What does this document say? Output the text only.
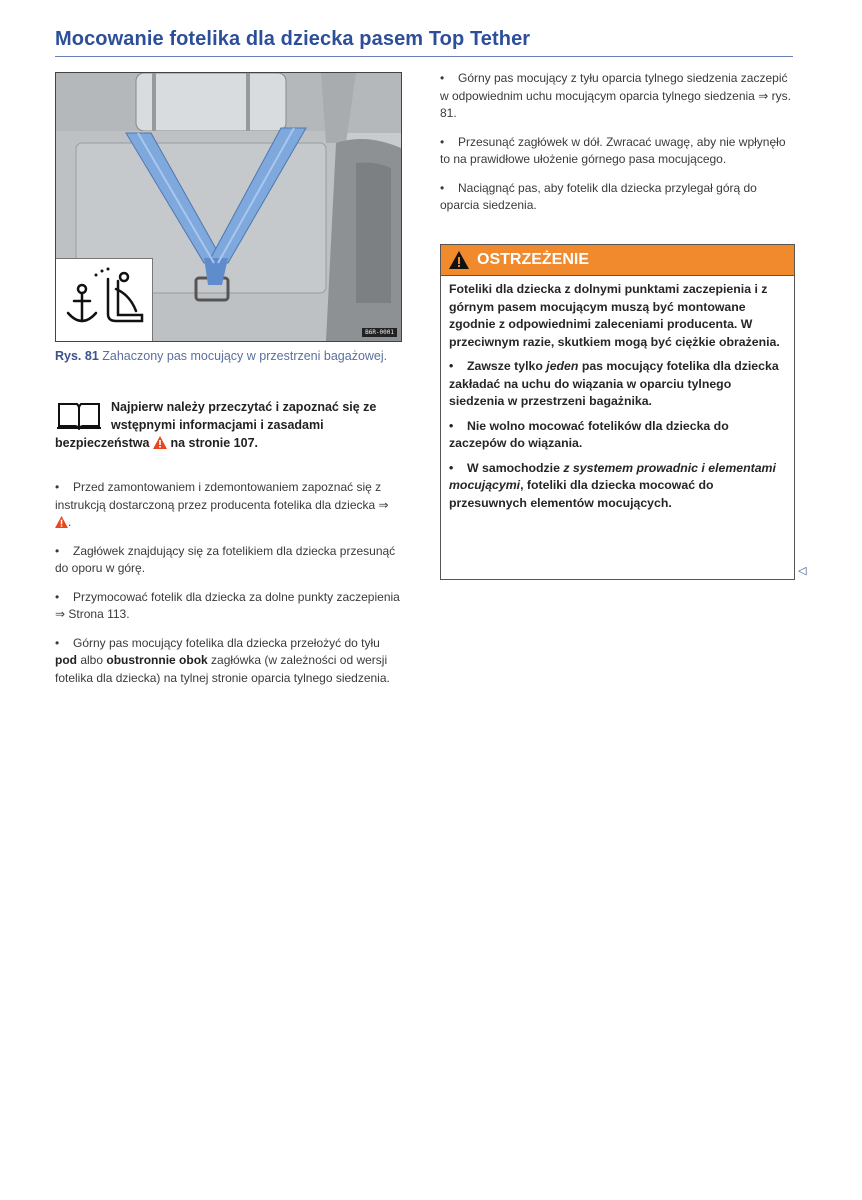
Mocowanie fotelika dla dziecka pasem Top Tether
B6R-0001
Rys. 81 Zahaczony pas mocujący w przestrzeni bagażowej.
Najpierw należy przeczytać i zapoznać się ze wstępnymi informacjami i zasadami bezpieczeństwa na stronie 107.
• Przed zamontowaniem i zdemontowaniem zapoznać się z instrukcją dostarczoną przez producenta fotelika dla dziecka ⇒ .
• Zagłówek znajdujący się za fotelikiem dla dziecka przesunąć do oporu w górę.
• Przymocować fotelik dla dziecka za dolne punkty zaczepienia ⇒ Strona 113.
• Górny pas mocujący fotelika dla dziecka przełożyć do tyłu pod albo obustronnie obok zagłówka (w zależności od wersji fotelika dla dziecka) na tylnej stronie oparcia tylnego siedzenia.
• Górny pas mocujący z tyłu oparcia tylnego siedzenia zaczepić w odpowiednim uchu mocującym oparcia tylnego siedzenia ⇒ rys. 81.
• Przesunąć zagłówek w dół. Zwracać uwagę, aby nie wpłynęło to na prawidłowe ułożenie górnego pasa mocującego.
• Naciągnąć pas, aby fotelik dla dziecka przylegał górą do oparcia siedzenia.
OSTRZEŻENIE

Foteliki dla dziecka z dolnymi punktami zaczepienia i z górnym pasem mocującym muszą być montowane zgodnie z odpowiednimi zaleceniami producenta. W przeciwnym razie, skutkiem mogą być ciężkie obrażenia.

• Zawsze tylko jeden pas mocujący fotelika dla dziecka zakładać na uchu do wiązania w oparciu tylnego siedzenia w przestrzeni bagażnika.

• Nie wolno mocować fotelików dla dziecka do zaczepów do wiązania.

• W samochodzie z systemem prowadnic i elementami mocującymi, foteliki dla dziecka mocować do przesuwnych elementów mocujących.

◁
